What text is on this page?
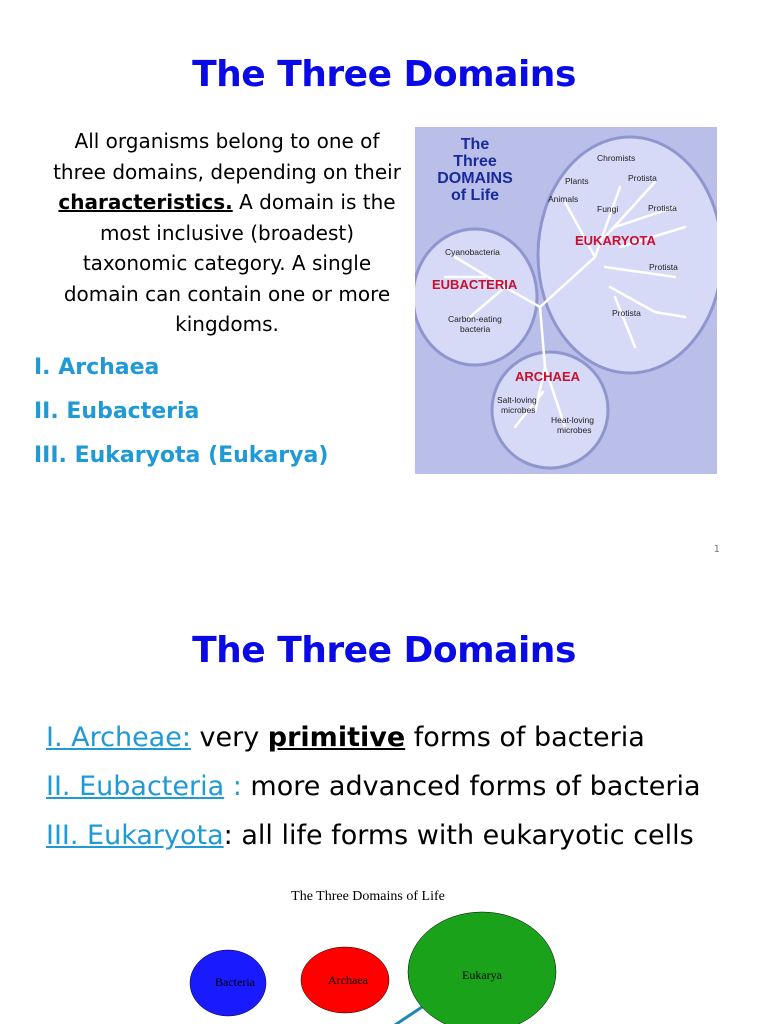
The Three Domains
All organisms belong to one of three domains, depending on their characteristics. A domain is the most inclusive (broadest) taxonomic category. A single domain can contain one or more kingdoms.
I. Archaea
II. Eubacteria
III. Eukaryota (Eukarya)
The
Three
DOMAINS
of Life
EUKARYOTA
EUBACTERIA
ARCHAEA
Chromists
Plants	Protista
Animals
Fungi	Protista
Protista
Protista
Cyanobacteria
Carbon-eating
bacteria
Salt-loving
microbes
Heat-loving
microbes
1
The Three Domains
I. Archeae: very primitive forms of bacteria
II. Eubacteria : more advanced forms of bacteria
III. Eukaryota: all life forms with eukaryotic cells
The Three Domains of Life
Bacteria	Archaea	Eukarya
